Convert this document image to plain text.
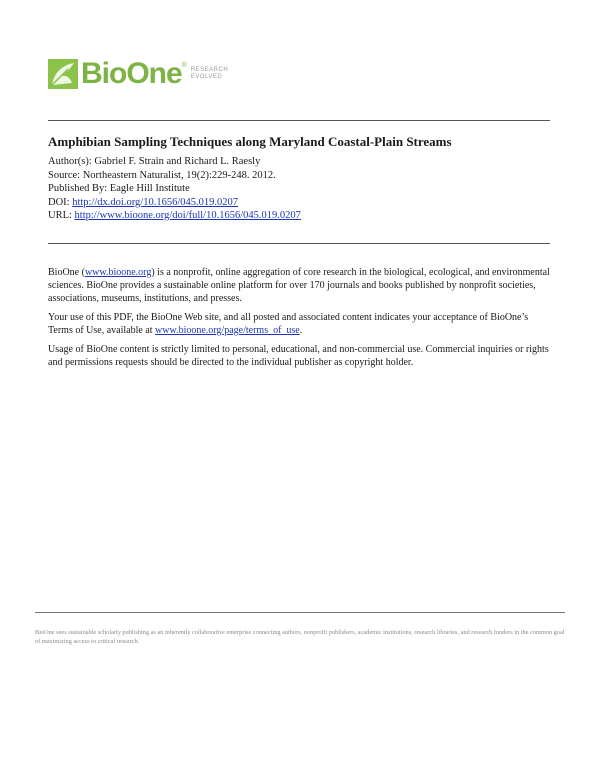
BioOne ®
RESEARCH
EVOLVED
Amphibian Sampling Techniques along Maryland Coastal-Plain Streams
Author(s): Gabriel F. Strain and Richard L. Raesly
Source: Northeastern Naturalist, 19(2):229-248. 2012.
Published By: Eagle Hill Institute
DOI: http://dx.doi.org/10.1656/045.019.0207
URL: http://www.bioone.org/doi/full/10.1656/045.019.0207

BioOne (www.bioone.org) is a nonprofit, online aggregation of core research in the biological, ecological, and environmental sciences. BioOne provides a sustainable online platform for over 170 journals and books published by nonprofit societies, associations, museums, institutions, and presses.

Your use of this PDF, the BioOne Web site, and all posted and associated content indicates your acceptance of BioOne’s Terms of Use, available at www.bioone.org/page/terms_of_use.

Usage of BioOne content is strictly limited to personal, educational, and non-commercial use. Commercial inquiries or rights and permissions requests should be directed to the individual publisher as copyright holder.

BioOne sees sustainable scholarly publishing as an inherently collaborative enterprise connecting authors, nonprofit publishers, academic institutions, research libraries, and research funders in the common goal of maximizing access to critical research.
